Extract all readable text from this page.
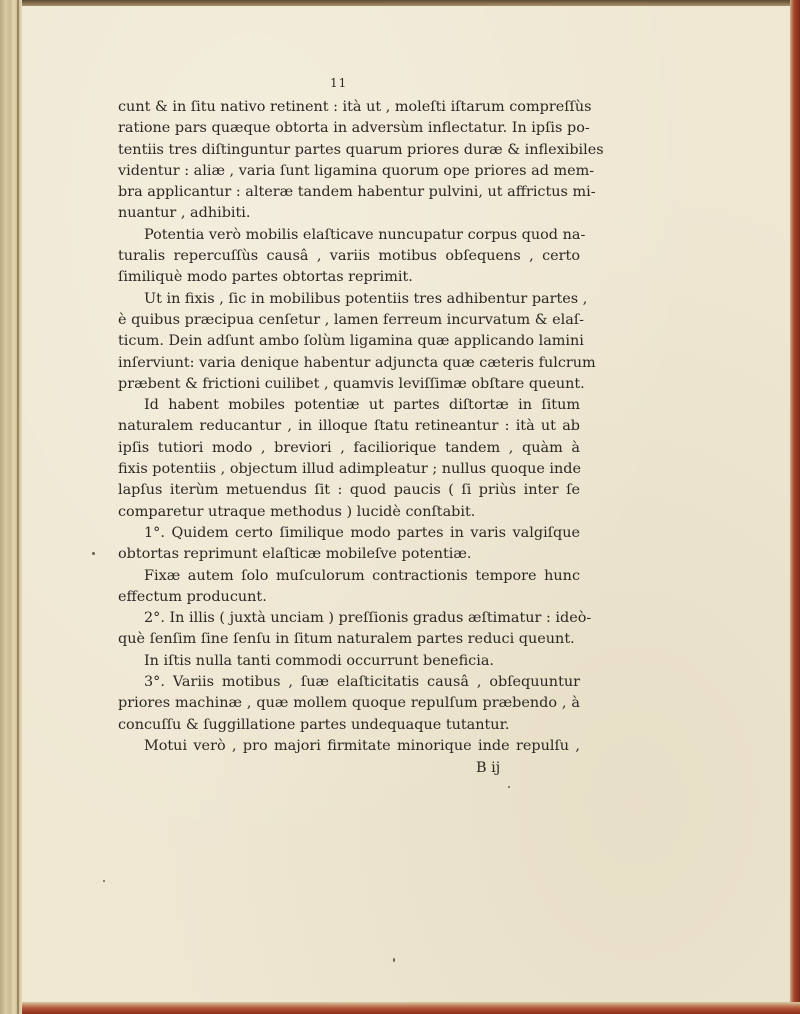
11

cunt & in ſitu nativo retinent : ità ut , moleſti iſtarum compreſſùs
ratione pars quæque obtorta in adversùm inflectatur. In ipſis po-
tentiis tres diſtinguntur partes quarum priores duræ & inflexibiles
videntur : aliæ , varia ſunt ligamina quorum ope priores ad mem-
bra applicantur : alteræ tandem habentur pulvini, ut affrictus mi-
nuantur , adhibiti.

Potentia verò mobilis elaſticave nuncupatur corpus quod na-
turalis repercuſſùs causâ , variis motibus obſequens , certo
ſimiliquè modo partes obtortas reprimit.

Ut in fixis , ſic in mobilibus potentiis tres adhibentur partes ,
è quibus præcipua cenſetur , lamen ferreum incurvatum & elaſ-
ticum. Dein adſunt ambo ſolùm ligamina quæ applicando lamini
inſerviunt: varia denique habentur adjuncta quæ cæteris fulcrum
præbent & frictioni cuilibet , quamvis leviſſimæ obſtare queunt.

Id habent mobiles potentiæ ut partes diſtortæ in ſitum
naturalem reducantur , in illoque ſtatu retineantur : ità ut ab
ipſis tutiori modo , breviori , faciliorique tandem , quàm à
fixis potentiis , objectum illud adimpleatur ; nullus quoque inde
lapſus iterùm metuendus ſit : quod paucis ( ſi priùs inter ſe
comparetur utraque methodus ) lucidè conſtabit.

1°. Quidem certo ſimilique modo partes in varis valgiſque
obtortas reprimunt elaſticæ mobileſve potentiæ.

Fixæ autem ſolo muſculorum contractionis tempore hunc
effectum producunt.

2°. In illis ( juxtà unciam ) preſſionis gradus æſtimatur : ideò-
què ſenſim ſine ſenſu in ſitum naturalem partes reduci queunt.

In iſtis nulla tanti commodi occurrunt beneficia.

3°. Variis motibus , ſuæ elaſticitatis causâ , obſequuntur
priores machinæ , quæ mollem quoque repulſum præbendo , à
concuſſu & ſuggillatione partes undequaque tutantur.

Motui verò , pro majori firmitate minorique inde repulſu ,

B ij
